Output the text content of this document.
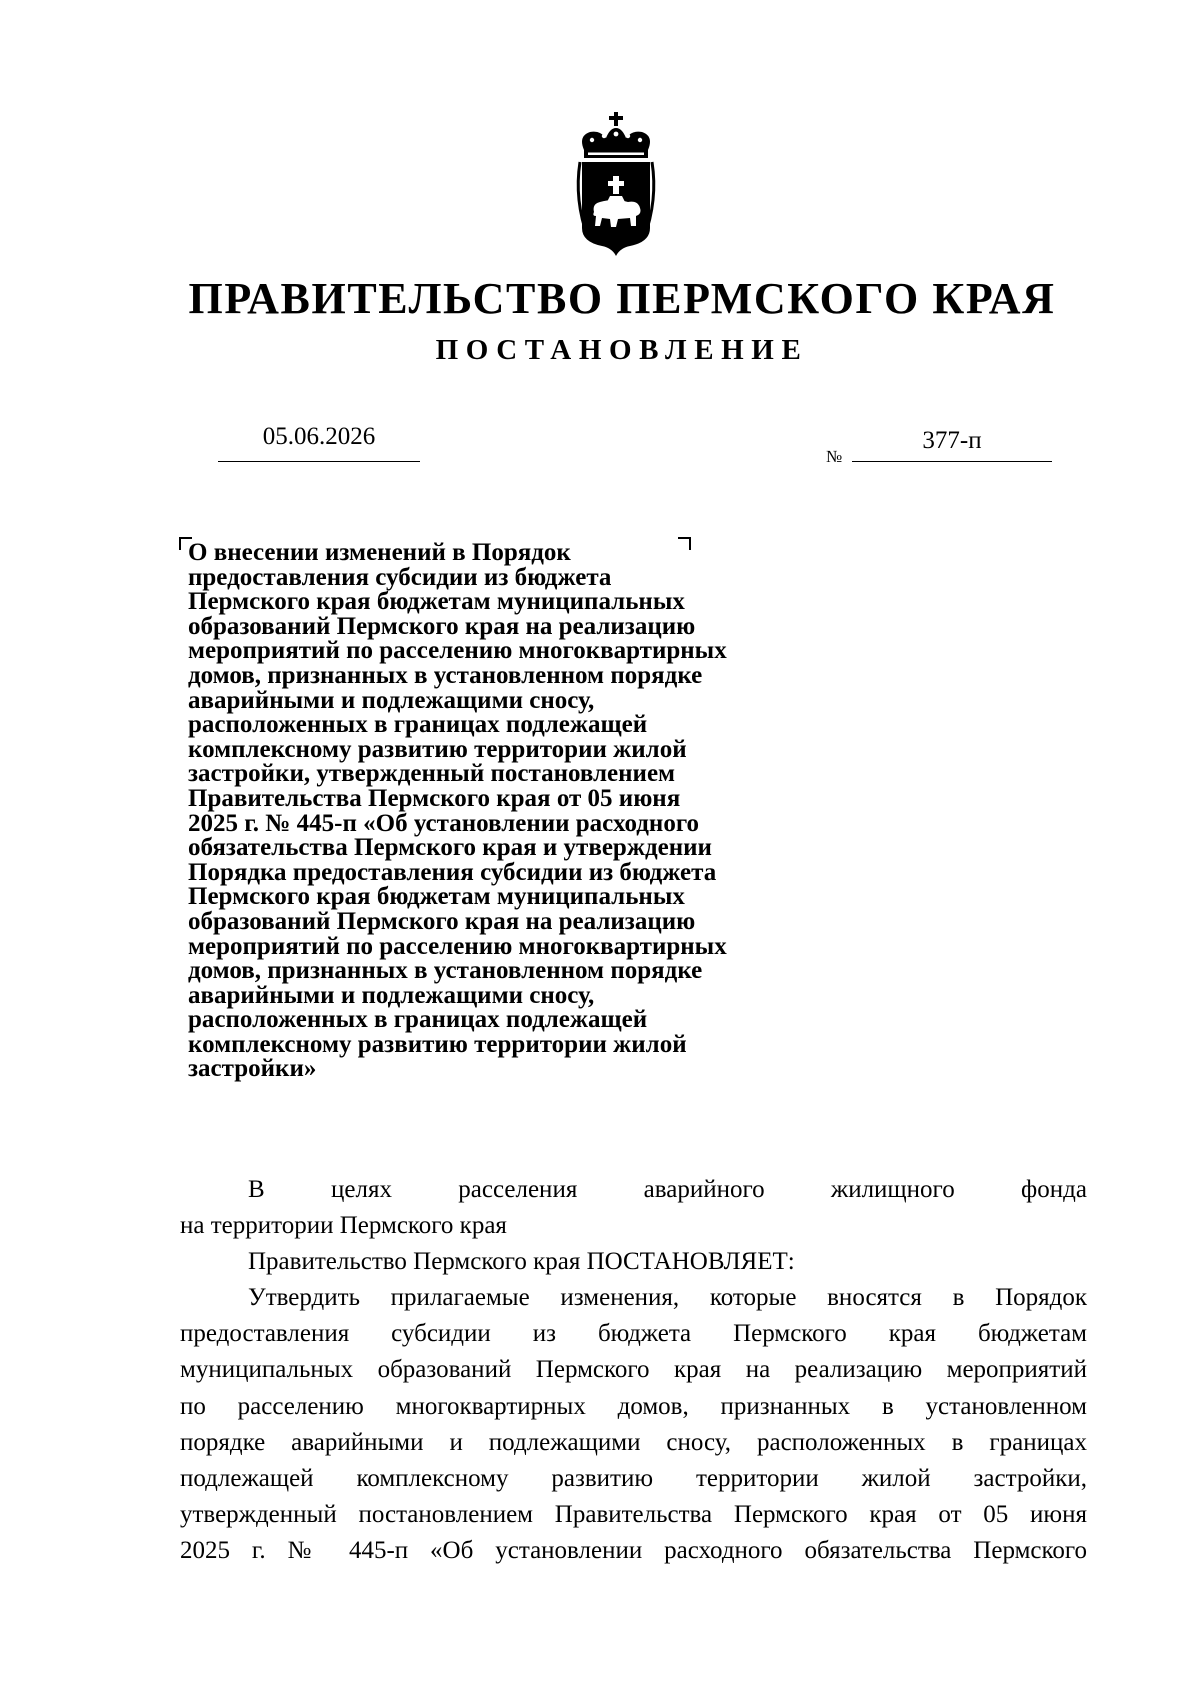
ПРАВИТЕЛЬСТВО ПЕРМСКОГО КРАЯ
ПОСТАНОВЛЕНИЕ
05.06.2026
№
377-п
О внесении изменений в Порядок
предоставления субсидии из бюджета
Пермского края бюджетам муниципальных
образований Пермского края на реализацию
мероприятий по расселению многоквартирных
домов, признанных в установленном порядке
аварийными и подлежащими сносу,
расположенных в границах подлежащей
комплексному развитию территории жилой
застройки, утвержденный постановлением
Правительства Пермского края от 05 июня
2025 г. № 445-п «Об установлении расходного
обязательства Пермского края и утверждении
Порядка предоставления субсидии из бюджета
Пермского края бюджетам муниципальных
образований Пермского края на реализацию
мероприятий по расселению многоквартирных
домов, признанных в установленном порядке
аварийными и подлежащими сносу,
расположенных в границах подлежащей
комплексному развитию территории жилой
застройки»
В	целях	расселения	аварийного	жилищного	фонда
на территории Пермского края
Правительство Пермского края ПОСТАНОВЛЯЕТ:
Утвердить прилагаемые изменения, которые вносятся в Порядок
предоставления субсидии из бюджета Пермского края бюджетам
муниципальных образований Пермского края на реализацию мероприятий
по расселению многоквартирных домов, признанных в установленном
порядке аварийными и подлежащими сносу, расположенных в границах
подлежащей комплексному развитию территории жилой застройки,
утвержденный постановлением Правительства Пермского края от 05 июня
2025 г. № 445-п «Об установлении расходного обязательства Пермского
